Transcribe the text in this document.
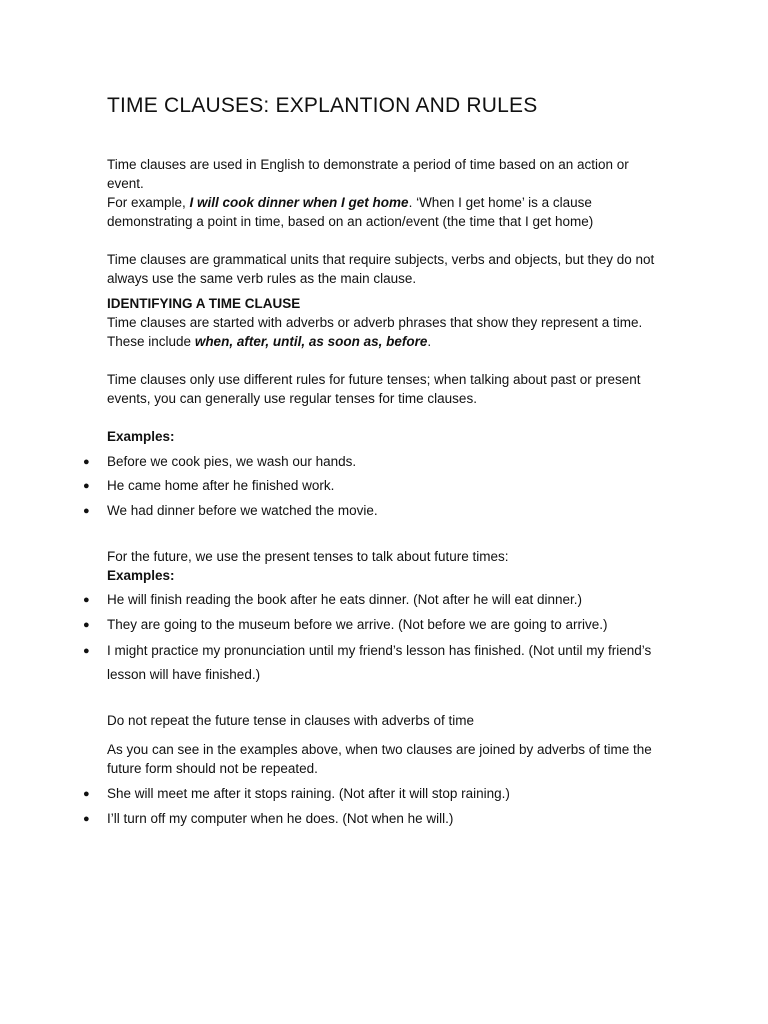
TIME CLAUSES: EXPLANTION AND RULES
Time clauses are used in English to demonstrate a period of time based on an action or
event.
For example, I will cook dinner when I get home. ‘When I get home’ is a clause
demonstrating a point in time, based on an action/event (the time that I get home)
Time clauses are grammatical units that require subjects, verbs and objects, but they do not always use the same verb rules as the main clause.
IDENTIFYING A TIME CLAUSE
Time clauses are started with adverbs or adverb phrases that show they represent a time.
These include when, after, until, as soon as, before.
Time clauses only use different rules for future tenses; when talking about past or present events, you can generally use regular tenses for time clauses.
Examples:
● Before we cook pies, we wash our hands.
● He came home after he finished work.
● We had dinner before we watched the movie.
For the future, we use the present tenses to talk about future times:
Examples:
● He will finish reading the book after he eats dinner. (Not after he will eat dinner.)
● They are going to the museum before we arrive. (Not before we are going to arrive.)
● I might practice my pronunciation until my friend’s lesson has finished. (Not until my friend’s lesson will have finished.)
Do not repeat the future tense in clauses with adverbs of time
As you can see in the examples above, when two clauses are joined by adverbs of time the future form should not be repeated.
● She will meet me after it stops raining. (Not after it will stop raining.)
● I’ll turn off my computer when he does. (Not when he will.)
